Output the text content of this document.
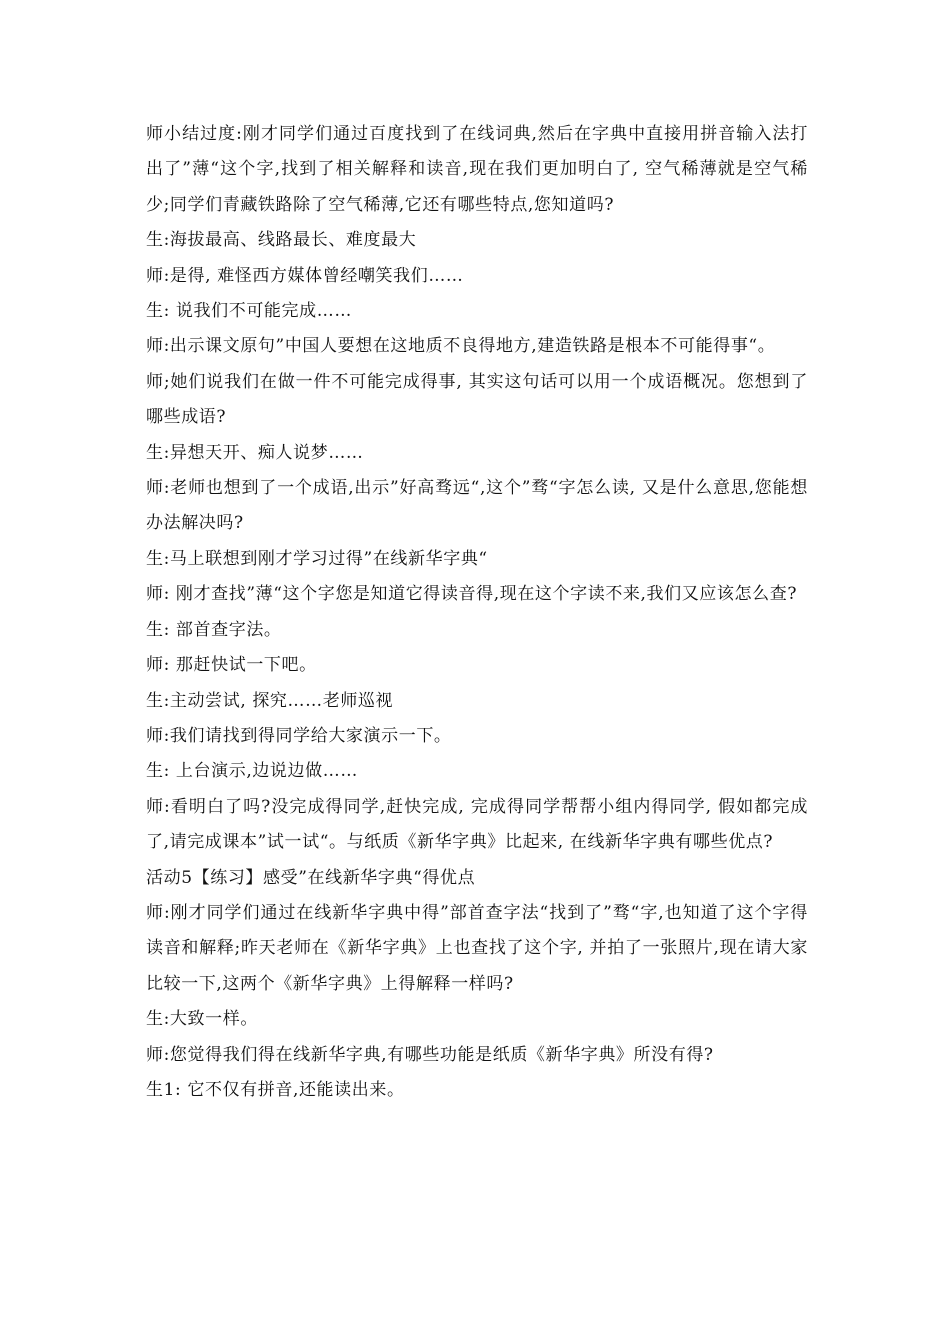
师小结过度:刚才同学们通过百度找到了在线词典,然后在字典中直接用拼音输入法打出了”薄“这个字,找到了相关解释和读音,现在我们更加明白了, 空气稀薄就是空气稀少;同学们青藏铁路除了空气稀薄,它还有哪些特点,您知道吗?

生:海拔最高、线路最长、难度最大

师:是得, 难怪西方媒体曾经嘲笑我们……

生: 说我们不可能完成……

师:出示课文原句”中国人要想在这地质不良得地方,建造铁路是根本不可能得事“。

师;她们说我们在做一件不可能完成得事, 其实这句话可以用一个成语概况。您想到了哪些成语?

生:异想天开、痴人说梦……

师:老师也想到了一个成语,出示”好高骛远“,这个”骛“字怎么读, 又是什么意思,您能想办法解决吗?

生:马上联想到刚才学习过得”在线新华字典“

师: 刚才查找”薄“这个字您是知道它得读音得,现在这个字读不来,我们又应该怎么查?

生: 部首查字法。

师: 那赶快试一下吧。

生:主动尝试, 探究……老师巡视

师:我们请找到得同学给大家演示一下。

生: 上台演示,边说边做……

师:看明白了吗?没完成得同学,赶快完成, 完成得同学帮帮小组内得同学, 假如都完成了,请完成课本”试一试“。与纸质《新华字典》比起来, 在线新华字典有哪些优点?

活动5【练习】感受”在线新华字典“得优点

师:刚才同学们通过在线新华字典中得”部首查字法“找到了”骛“字,也知道了这个字得读音和解释;昨天老师在《新华字典》上也查找了这个字, 并拍了一张照片,现在请大家比较一下,这两个《新华字典》上得解释一样吗?

生:大致一样。

师:您觉得我们得在线新华字典,有哪些功能是纸质《新华字典》所没有得?

生1: 它不仅有拼音,还能读出来。
